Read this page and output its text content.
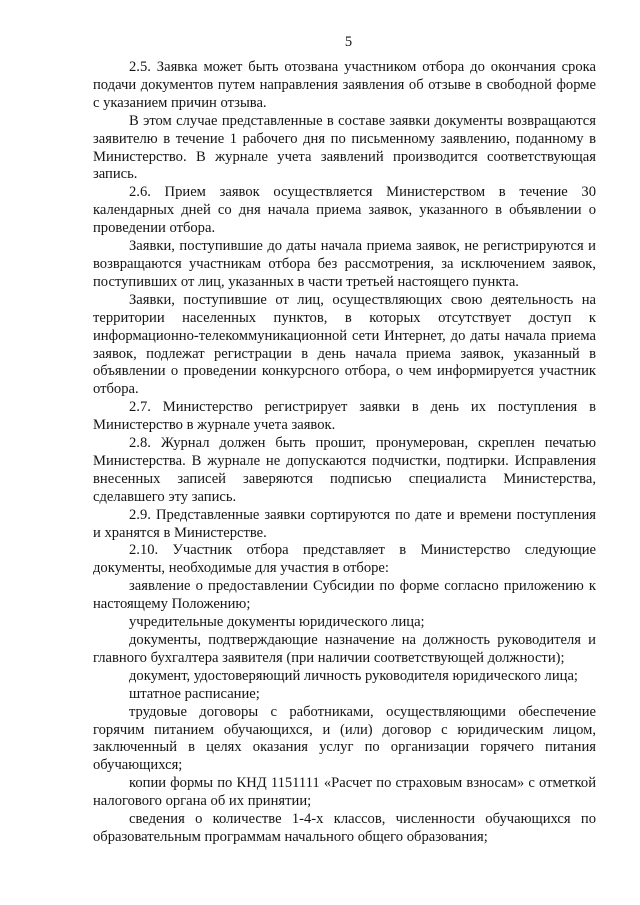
5

2.5. Заявка может быть отозвана участником отбора до окончания срока подачи документов путем направления заявления об отзыве в свободной форме с указанием причин отзыва.

В этом случае представленные в составе заявки документы возвращаются заявителю в течение 1 рабочего дня по письменному заявлению, поданному в Министерство. В журнале учета заявлений производится соответствующая запись.

2.6. Прием заявок осуществляется Министерством в течение 30 календарных дней со дня начала приема заявок, указанного в объявлении о проведении отбора.

Заявки, поступившие до даты начала приема заявок, не регистрируются и возвращаются участникам отбора без рассмотрения, за исключением заявок, поступивших от лиц, указанных в части третьей настоящего пункта.

Заявки, поступившие от лиц, осуществляющих свою деятельность на территории населенных пунктов, в которых отсутствует доступ к информационно-телекоммуникационной сети Интернет, до даты начала приема заявок, подлежат регистрации в день начала приема заявок, указанный в объявлении о проведении конкурсного отбора, о чем информируется участник отбора.

2.7. Министерство регистрирует заявки в день их поступления в Министерство в журнале учета заявок.

2.8. Журнал должен быть прошит, пронумерован, скреплен печатью Министерства. В журнале не допускаются подчистки, подтирки. Исправления внесенных записей заверяются подписью специалиста Министерства, сделавшего эту запись.

2.9. Представленные заявки сортируются по дате и времени поступления и хранятся в Министерстве.

2.10. Участник отбора представляет в Министерство следующие документы, необходимые для участия в отборе:

заявление о предоставлении Субсидии по форме согласно приложению к настоящему Положению;

учредительные документы юридического лица;

документы, подтверждающие назначение на должность руководителя и главного бухгалтера заявителя (при наличии соответствующей должности);

документ, удостоверяющий личность руководителя юридического лица;

штатное расписание;

трудовые договоры с работниками, осуществляющими обеспечение горячим питанием обучающихся, и (или) договор с юридическим лицом, заключенный в целях оказания услуг по организации горячего питания обучающихся;

копии формы по КНД 1151111 «Расчет по страховым взносам» с отметкой налогового органа об их принятии;

сведения о количестве 1-4-х классов, численности обучающихся по образовательным программам начального общего образования;
